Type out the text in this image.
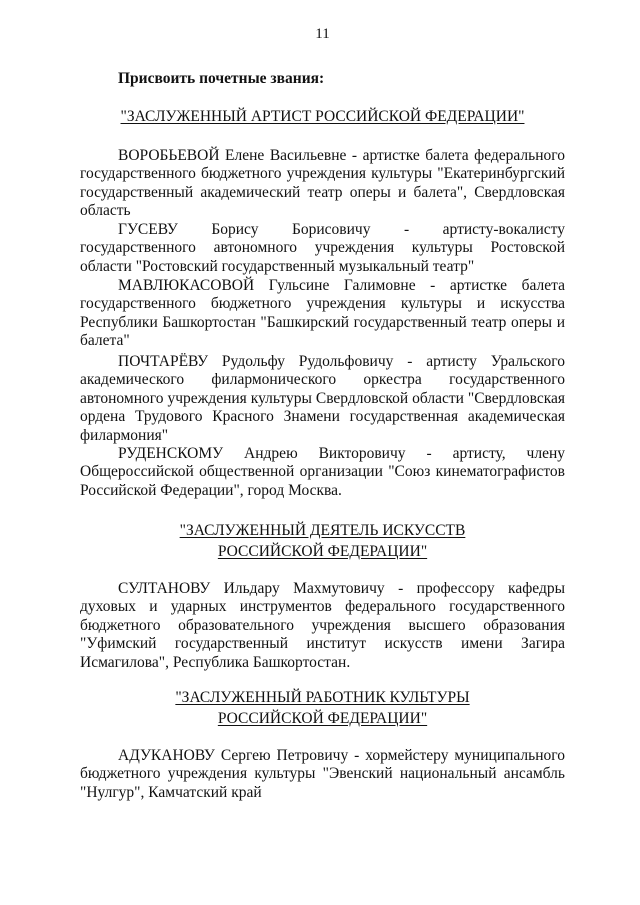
11
Присвоить почетные звания:
"ЗАСЛУЖЕННЫЙ АРТИСТ РОССИЙСКОЙ ФЕДЕРАЦИИ"

ВОРОБЬЕВОЙ Елене Васильевне - артистке балета федерального государственного бюджетного учреждения культуры "Екатеринбургский государственный академический театр оперы и балета", Свердловская область

ГУСЕВУ Борису Борисовичу - артисту-вокалисту государственного автономного учреждения культуры Ростовской области "Ростовский государственный музыкальный театр"

МАВЛЮКАСОВОЙ Гульсине Галимовне - артистке балета государственного бюджетного учреждения культуры и искусства Республики Башкортостан "Башкирский государственный театр оперы и балета"

ПОЧТАРЁВУ Рудольфу Рудольфовичу - артисту Уральского академического филармонического оркестра государственного автономного учреждения культуры Свердловской области "Свердловская ордена Трудового Красного Знамени государственная академическая филармония"

РУДЕНСКОМУ Андрею Викторовичу - артисту, члену Общероссийской общественной организации "Союз кинематографистов Российской Федерации", город Москва.

"ЗАСЛУЖЕННЫЙ ДЕЯТЕЛЬ ИСКУССТВ
РОССИЙСКОЙ ФЕДЕРАЦИИ"

СУЛТАНОВУ Ильдару Махмутовичу - профессору кафедры духовых и ударных инструментов федерального государственного бюджетного образовательного учреждения высшего образования "Уфимский государственный институт искусств имени Загира Исмагилова", Республика Башкортостан.

"ЗАСЛУЖЕННЫЙ РАБОТНИК КУЛЬТУРЫ
РОССИЙСКОЙ ФЕДЕРАЦИИ"

АДУКАНОВУ Сергею Петровичу - хормейстеру муниципального бюджетного учреждения культуры "Эвенский национальный ансамбль "Нулгур", Камчатский край
